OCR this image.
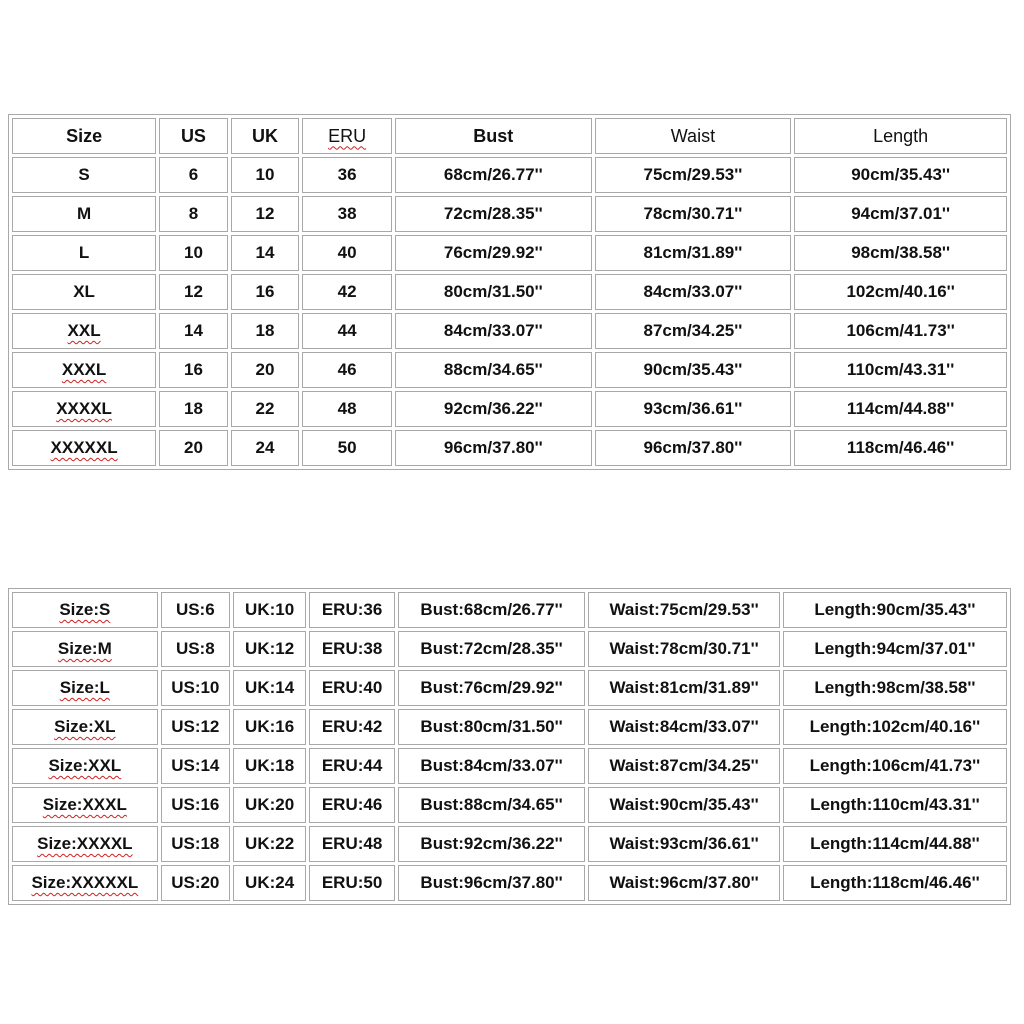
Size	US	UK	ERU	Bust	Waist	Length
S	6	10	36	68cm/26.77''	75cm/29.53''	90cm/35.43''
M	8	12	38	72cm/28.35''	78cm/30.71''	94cm/37.01''
L	10	14	40	76cm/29.92''	81cm/31.89''	98cm/38.58''
XL	12	16	42	80cm/31.50''	84cm/33.07''	102cm/40.16''
XXL	14	18	44	84cm/33.07''	87cm/34.25''	106cm/41.73''
XXXL	16	20	46	88cm/34.65''	90cm/35.43''	110cm/43.31''
XXXXL	18	22	48	92cm/36.22''	93cm/36.61''	114cm/44.88''
XXXXXL	20	24	50	96cm/37.80''	96cm/37.80''	118cm/46.46''
Size:S	US:6	UK:10	ERU:36	Bust:68cm/26.77''	Waist:75cm/29.53''	Length:90cm/35.43''
Size:M	US:8	UK:12	ERU:38	Bust:72cm/28.35''	Waist:78cm/30.71''	Length:94cm/37.01''
Size:L	US:10	UK:14	ERU:40	Bust:76cm/29.92''	Waist:81cm/31.89''	Length:98cm/38.58''
Size:XL	US:12	UK:16	ERU:42	Bust:80cm/31.50''	Waist:84cm/33.07''	Length:102cm/40.16''
Size:XXL	US:14	UK:18	ERU:44	Bust:84cm/33.07''	Waist:87cm/34.25''	Length:106cm/41.73''
Size:XXXL	US:16	UK:20	ERU:46	Bust:88cm/34.65''	Waist:90cm/35.43''	Length:110cm/43.31''
Size:XXXXL	US:18	UK:22	ERU:48	Bust:92cm/36.22''	Waist:93cm/36.61''	Length:114cm/44.88''
Size:XXXXXL	US:20	UK:24	ERU:50	Bust:96cm/37.80''	Waist:96cm/37.80''	Length:118cm/46.46''
